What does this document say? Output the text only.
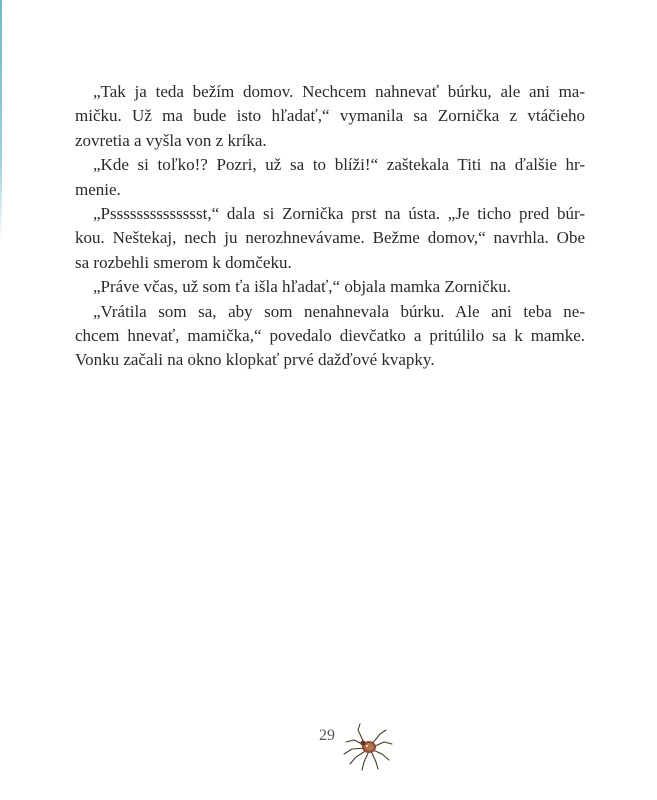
„Tak ja teda bežím domov. Nechcem nahnevať búrku, ale ani ma-
mičku. Už ma bude isto hľadať,“ vymanila sa Zornička z vtáčieho
zovretia a vyšla von z kríka.
„Kde si toľko!? Pozri, už sa to blíži!“ zaštekala Titi na ďalšie hr-
menie.
„Psssssssssssssst,“ dala si Zornička prst na ústa. „Je ticho pred búr-
kou. Neštekaj, nech ju nerozhnevávame. Bežme domov,“ navrhla. Obe
sa rozbehli smerom k domčeku.
„Práve včas, už som ťa išla hľadať,“ objala mamka Zorničku.
„Vrátila som sa, aby som nenahnevala búrku. Ale ani teba ne-
chcem hnevať, mamička,“ povedalo dievčatko a pritúlilo sa k mamke.
Vonku začali na okno klopkať prvé dažďové kvapky.
29
